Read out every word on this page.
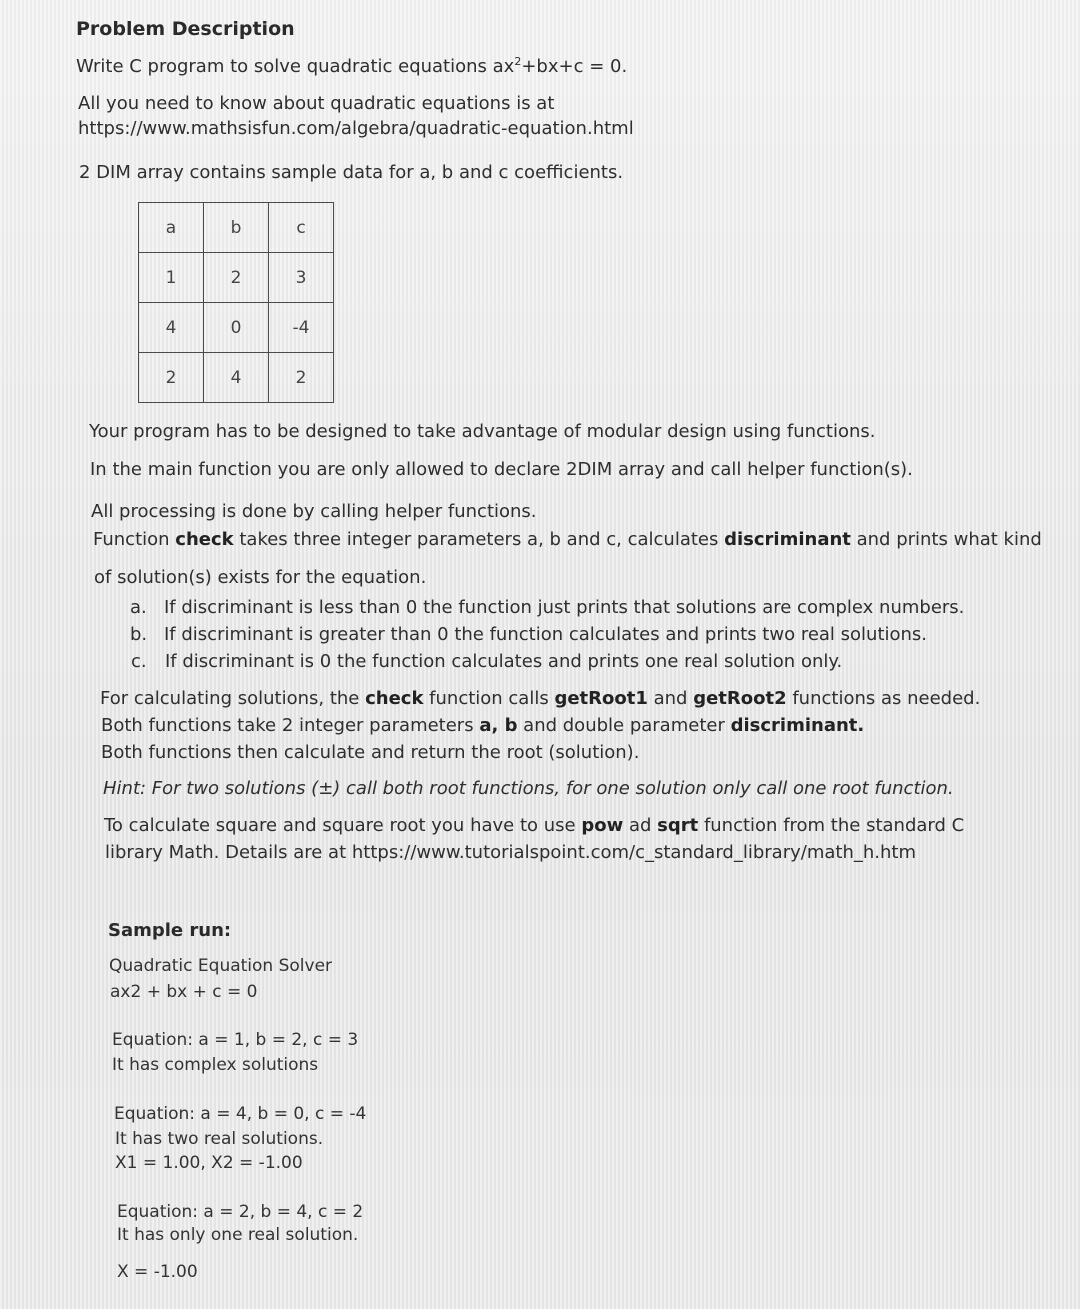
Problem Description
Write C program to solve quadratic equations $ax^2+bx+c = 0$.
All you need to know about quadratic equations is at
https://www.mathsisfun.com/algebra/quadratic-equation.html
2 DIM array contains sample data for a, b and c coefficients.
a	b	c
1	2	3
4	0	-4
2	4	2
Your program has to be designed to take advantage of modular design using functions.
In the main function you are only allowed to declare 2DIM array and call helper function(s).
All processing is done by calling helper functions.
Function check takes three integer parameters a, b and c, calculates discriminant and prints what kind
of solution(s) exists for the equation.
a. If discriminant is less than 0 the function just prints that solutions are complex numbers.
b. If discriminant is greater than 0 the function calculates and prints two real solutions.
c. If discriminant is 0 the function calculates and prints one real solution only.
For calculating solutions, the check function calls getRoot1 and getRoot2 functions as needed.
Both functions take 2 integer parameters a, b and double parameter discriminant.
Both functions then calculate and return the root (solution).
Hint: For two solutions (±) call both root functions, for one solution only call one root function.
To calculate square and square root you have to use pow ad sqrt function from the standard C
library Math. Details are at https://www.tutorialspoint.com/c_standard_library/math_h.htm
Sample run:
Quadratic Equation Solver
ax2 + bx + c = 0
Equation: a = 1, b = 2, c = 3
It has complex solutions
Equation: a = 4, b = 0, c = -4
It has two real solutions.
X1 = 1.00, X2 = -1.00
Equation: a = 2, b = 4, c = 2
It has only one real solution.
X = -1.00
